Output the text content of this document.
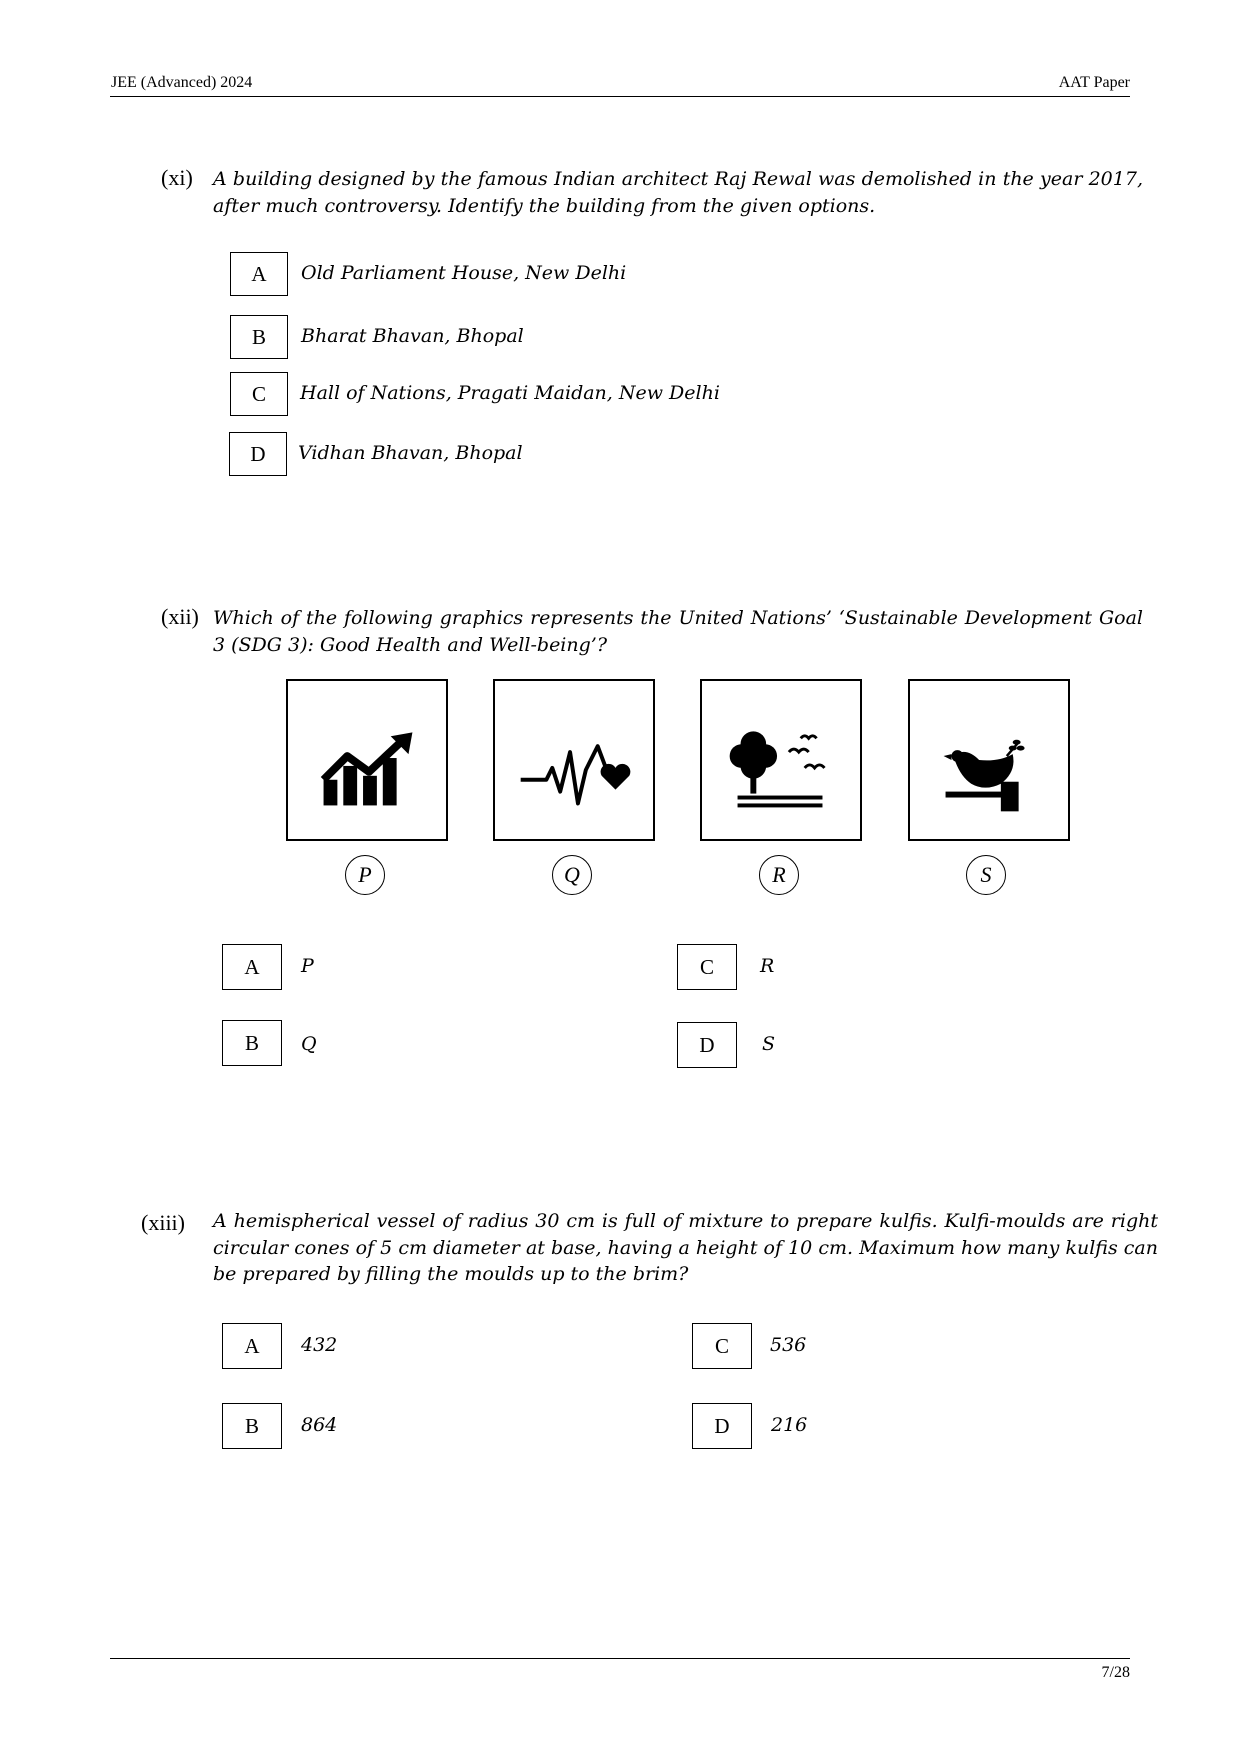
JEE (Advanced) 2024	AAT Paper
(xi) A building designed by the famous Indian architect Raj Rewal was demolished in the year 2017, after much controversy. Identify the building from the given options.
A	Old Parliament House, New Delhi
B	Bharat Bhavan, Bhopal
C	Hall of Nations, Pragati Maidan, New Delhi
D	Vidhan Bhavan, Bhopal
(xii) Which of the following graphics represents the United Nations’ ‘Sustainable Development Goal 3 (SDG 3): Good Health and Well-being’?
P	Q	R	S
A	P
B	Q
C	R
D	S
(xiii) A hemispherical vessel of radius 30 cm is full of mixture to prepare kulfis. Kulfi-moulds are right circular cones of 5 cm diameter at base, having a height of 10 cm. Maximum how many kulfis can be prepared by filling the moulds up to the brim?
A	432
B	864
C	536
D	216
7/28
